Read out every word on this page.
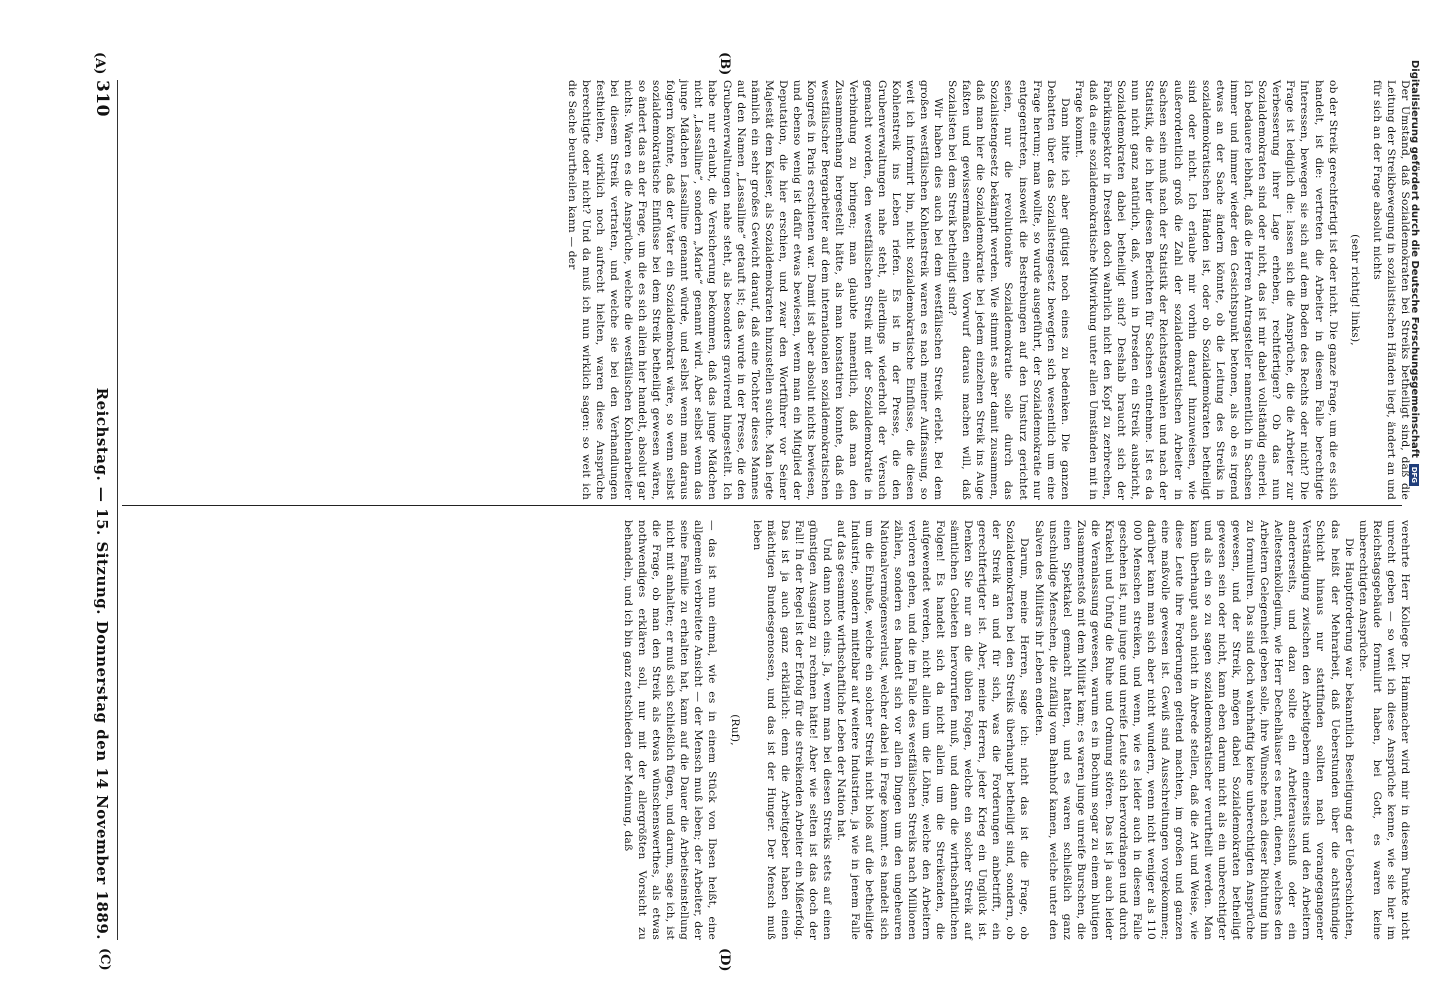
Digitalisierung gefördert durch die Deutsche Forschungsgemeinschaft
DFG

Der Umstand, daß Sozialdemokraten bei Streiks betheiligt sind, daß die Leitung der Streikbewegung in sozialistischen Händen liegt, ändert an und für sich an der Frage absolut nichts

(sehr richtig! links),

ob der Streik gerechtfertigt ist oder nicht. Die ganze Frage, um die es sich handelt, ist die: vertreten die Arbeiter in diesem Falle berechtigte Interessen, bewegen sie sich auf dem Boden des Rechts oder nicht? Die Frage ist lediglich die: lassen sich die Ansprüche, die die Arbeiter zur Verbesserung ihrer Lage erheben, rechtfertigen? Ob das nun Sozialdemokraten sind oder nicht, das ist mir dabei vollständig einerlei. Ich bedauere lebhaft, daß die Herren Antragsteller namentlich in Sachsen immer und immer wieder den Gesichtspunkt betonen, als ob es irgend etwas an der Sache ändern könnte, ob die Leitung des Streiks in sozialdemokratischen Händen ist, oder ob Sozialdemokraten betheiligt sind oder nicht. Ich erlaube mir vorhin darauf hinzuweisen, wie außerordentlich groß die Zahl der sozialdemokratischen Arbeiter in Sachsen sein muß nach der Statistik der Reichstagswahlen und nach der Statistik, die ich hier diesen Berichten für Sachsen entnehme. Ist es da nun nicht ganz natürlich, daß, wenn in Dresden ein Streik ausbricht, Sozialdemokraten dabei betheiligt sind? Deshalb braucht sich der Fabrikinspektor in Dresden doch wahrlich nicht den Kopf zu zerbrechen, daß da eine sozialdemokratische Mitwirkung unter allen Umständen mit in Frage kommt.

Dann bitte ich aber gütigst noch eines zu bedenken. Die ganzen Debatten über das Sozialistengesetz bewegten sich wesentlich um eine Frage herum; man wollte, so wurde ausgeführt, der Sozialdemokratie nur entgegentreten, insoweit die Bestrebungen auf den Umsturz gerichtet seien, nur die revolutionäre Sozialdemokratie solle durch das Sozialistengesetz bekämpft werden. Wie stimmt es aber damit zusammen, daß man hier die Sozialdemokratie bei jedem einzelnen Streik ins Auge faßten und gewissermaßen einen Vorwurf daraus machen will, daß Sozialisten bei dem Streik betheiligt sind?

Wir haben dies auch bei dem westfälischen Streik erlebt. Bei dem großen westfälischen Kohlenstreik waren es nach meiner Auffassung, so weit ich informirt bin, nicht sozialdemokratische Einflüsse, die diesen Kohlenstreik ins Leben riefen. Es ist in der Presse, die den Grubenverwaltungen nahe steht, allerdings wiederholt der Versuch gemacht worden, den westfälischen Streik mit der Sozialdemokratie in Verbindung zu bringen; man glaubte namentlich, daß man den Zusammenhang hergestellt hätte, als man konstatiren konnte, daß ein westfälischer Bergarbeiter auf dem internationalen sozialdemokratischen Kongreß in Paris erschienen war. Damit ist aber absolut nichts bewiesen, und ebenso wenig ist dafür etwas bewiesen, wenn man ein Mitglied der Deputation, die hier erschien, und zwar den Wortführer vor Seiner Majestät dem Kaiser, als Sozialdemokraten hinzustellen suchte. Man legte nämlich ein sehr großes Gewicht darauf, daß eine Tochter dieses Mannes auf den Namen „Lassalline“ getauft ist; das wurde in der Presse, die den Grubenverwaltungen nahe steht, als besonders gravirend hingestellt. Ich habe nur erlaubt, die Versicherung bekommen, daß das junge Mädchen nicht „Lassalline“, sondern „Marie“ genannt wird. Aber selbst wenn das junge Mädchen Lassalline genannt würde, und selbst wenn man daraus folgern könnte, daß der Vater ein Sozialdemokrat wäre, so wenn selbst sozialdemokratische Einflüsse bei dem Streik betheiligt gewesen wären, so ändert das an der Frage, um die es sich allein hier handelt, absolut gar nichts. Waren es die Ansprüche, welche die westfälischen Kohlenarbeiter bei diesem Streik vertraten, und welche sie bei den Verhandlungen festhielten, wirklich noch aufrecht hielten, waren diese Ansprüche berechtigte oder nicht? Und da muß ich nun wirklich sagen: so weit ich die Sache beurtheilen kann — der

verehrte Herr Kollege Dr. Hammacher wird mir in diesem Punkte nicht unrecht geben — so weit ich diese Ansprüche kenne, wie sie hier im Reichstagsgebäude formulirt haben, bei Gott, es waren keine unberechtigten Ansprüche.

Die Hauptforderung war bekanntlich Beseitigung der Ueberschichten, das heißt der Mehrarbeit, daß Ueberstunden über die achtstündige Schicht hinaus nur stattfinden sollten nach vorangegangener Verständigung zwischen den Arbeitgebern einerseits und den Arbeitern andererseits, und dazu sollte ein Arbeiterausschuß oder ein Aeltestenkollegium, wie Herr Dechelhäuser es nennt, dienen, welches den Arbeitern Gelegenheit geben solle, ihre Wünsche nach dieser Richtung hin zu formuliren. Das sind doch wahrhaftig keine unberechtigten Ansprüche gewesen, und der Streik, mögen dabei Sozialdemokraten betheiligt gewesen sein oder nicht, kann eben darum nicht als ein unberechtigter und als ein so zu sagen sozialdemokratischer verurtheilt werden. Man kann überhaupt auch nicht in Abrede stellen, daß die Art und Weise, wie diese Leute ihre Forderungen geltend machten, im großen und ganzen eine maßvolle gewesen ist. Gewiß sind Ausschreitungen vorgekommen; darüber kann man sich aber nicht wundern, wenn nicht weniger als 110 000 Menschen streiken, und wenn, wie es leider auch in diesem Falle geschehen ist, nun junge und unreife Leute sich hervordrängen und durch Krakehl und Unfug die Ruhe und Ordnung stören. Das ist ja auch leider die Veranlassung gewesen, warum es in Bochum sogar zu einem blutigen Zusammenstoß mit dem Militär kam; es waren junge unreife Burschen, die einen Spektakel gemacht hatten, und es waren schließlich ganz unschuldige Menschen, die zufällig vom Bahnhof kamen, welche unter den Salven des Militärs ihr Leben endeten.

Darum, meine Herren, sage ich: nicht das ist die Frage, ob Sozialdemokraten bei den Streiks überhaupt betheiligt sind, sondern, ob der Streik an und für sich, was die Forderungen anbetrifft, ein gerechtfertigter ist. Aber, meine Herren, jeder Krieg ein Unglück ist. Denken Sie nur an die üblen Folgen, welche ein solcher Streik auf sämtlichen Gebieten hervorrufen muß, und dann die wirthschaftlichen Folgen! Es handelt sich da nicht allein um die Streikenden, die aufgewendet werden, nicht allein um die Löhne, welche den Arbeitern verloren gehen, und die im Falle des westfälischen Streiks nach Millionen zählen, sondern es handelt sich vor allen Dingen um den ungeheuren Nationalvermögensverlust, welcher dabei in Frage kommt. es handelt sich um die Einbuße, welche ein solcher Streik nicht bloß auf die betheiligte Industrie, sondern mittelbar auf weitere Industrien, ja wie in jenem Falle auf das gesammte wirthschaftliche Leben der Nation hat.

Und dann noch eins. Ja, wenn man bei diesen Streiks stets auf einen günstigen Ausgang zu rechnen hätte! Aber wie selten ist das doch der Fall! In der Regel ist der Erfolg für die streikenden Arbeiter ein Mißerfolg. Das ist ja auch ganz erklärlich: denn die Arbeitgeber haben einen mächtigen Bundesgenossen, und das ist der Hunger. Der Mensch muß leben

(Ruf),

— das ist nun einmal, wie es in einem Stück von Ibsen heißt, eine allgemein verbreitete Ansicht — der Mensch muß leben; der Arbeiter, der seine Familie zu erhalten hat, kann auf die Dauer die Arbeitseinstellung nicht mit anhalten; er muß sich schließlich fügen, und darum, sage ich, ist die Frage, ob man den Streik als etwas wünschenswerthes, als etwas nothwendiges erklären soll, nur mit der allergrößten Vorsicht zu behandeln, und ich bin ganz entschieden der Meinung, daß

310
Reichstag. — 15. Sitzung. Donnerstag den 14 November 1889.
(A)	(B)
(C)	(D)
